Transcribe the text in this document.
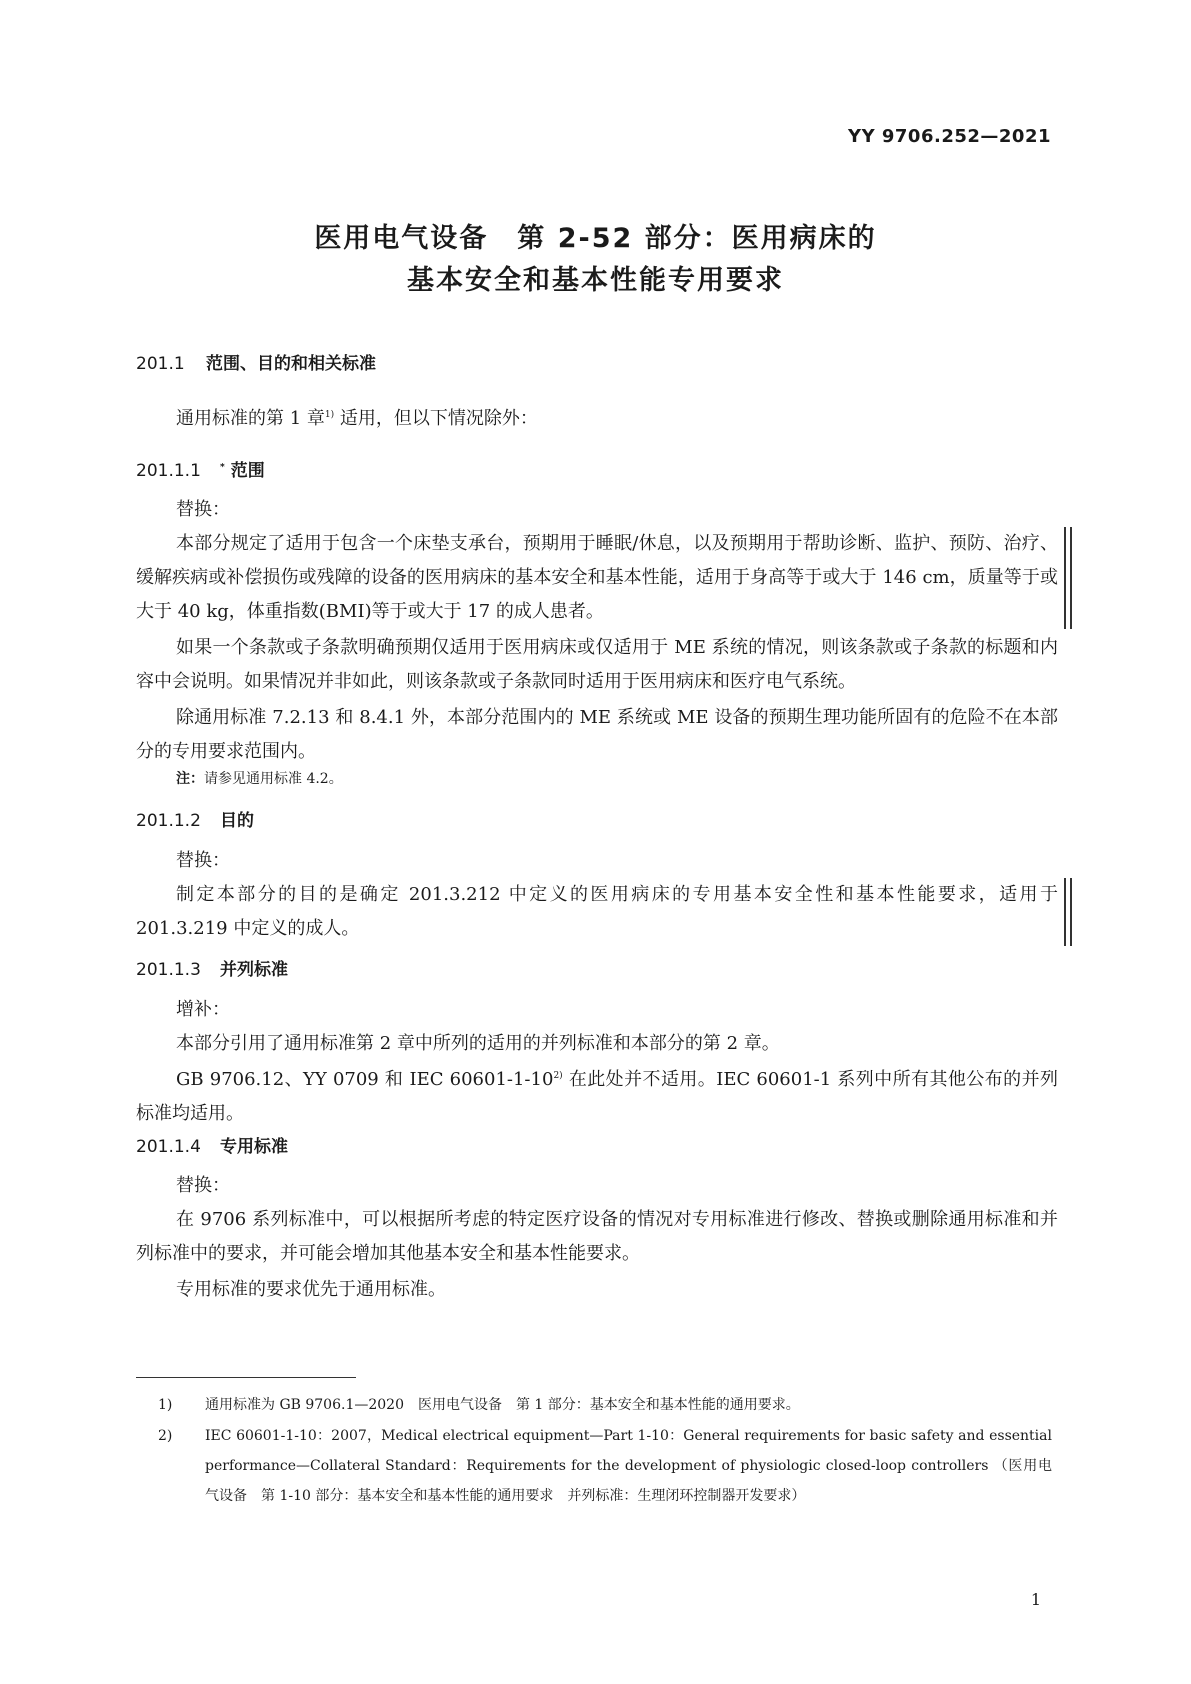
YY 9706.252—2021
医用电气设备　第 2-52 部分：医用病床的
基本安全和基本性能专用要求
201.1 范围、目的和相关标准
通用标准的第 1 章$^{1)}$ 适用，但以下情况除外：
201.1.1 * 范围
替换：
本部分规定了适用于包含一个床垫支承台，预期用于睡眠/休息，以及预期用于帮助诊断、监护、预防、治疗、缓解疾病或补偿损伤或残障的设备的医用病床的基本安全和基本性能，适用于身高等于或大于 146 cm，质量等于或大于 40 kg，体重指数(BMI)等于或大于 17 的成人患者。
如果一个条款或子条款明确预期仅适用于医用病床或仅适用于 ME 系统的情况，则该条款或子条款的标题和内容中会说明。如果情况并非如此，则该条款或子条款同时适用于医用病床和医疗电气系统。
除通用标准 7.2.13 和 8.4.1 外，本部分范围内的 ME 系统或 ME 设备的预期生理功能所固有的危险不在本部分的专用要求范围内。
注：请参见通用标准 4.2。
201.1.2 目的
替换：
制定本部分的目的是确定 201.3.212 中定义的医用病床的专用基本安全性和基本性能要求，适用于 201.3.219 中定义的成人。
201.1.3 并列标准
增补：
本部分引用了通用标准第 2 章中所列的适用的并列标准和本部分的第 2 章。
GB 9706.12、YY 0709 和 IEC 60601-1-10$^{2)}$ 在此处并不适用。IEC 60601-1 系列中所有其他公布的并列标准均适用。
201.1.4 专用标准
替换：
在 9706 系列标准中，可以根据所考虑的特定医疗设备的情况对专用标准进行修改、替换或删除通用标准和并列标准中的要求，并可能会增加其他基本安全和基本性能要求。
专用标准的要求优先于通用标准。
1)	通用标准为 GB 9706.1—2020　医用电气设备　第 1 部分：基本安全和基本性能的通用要求。
2)	IEC 60601-1-10：2007，Medical electrical equipment—Part 1-10：General requirements for basic safety and essential performance—Collateral Standard：Requirements for the development of physiologic closed-loop controllers （医用电气设备　第 1-10 部分：基本安全和基本性能的通用要求　并列标准：生理闭环控制器开发要求）
1
